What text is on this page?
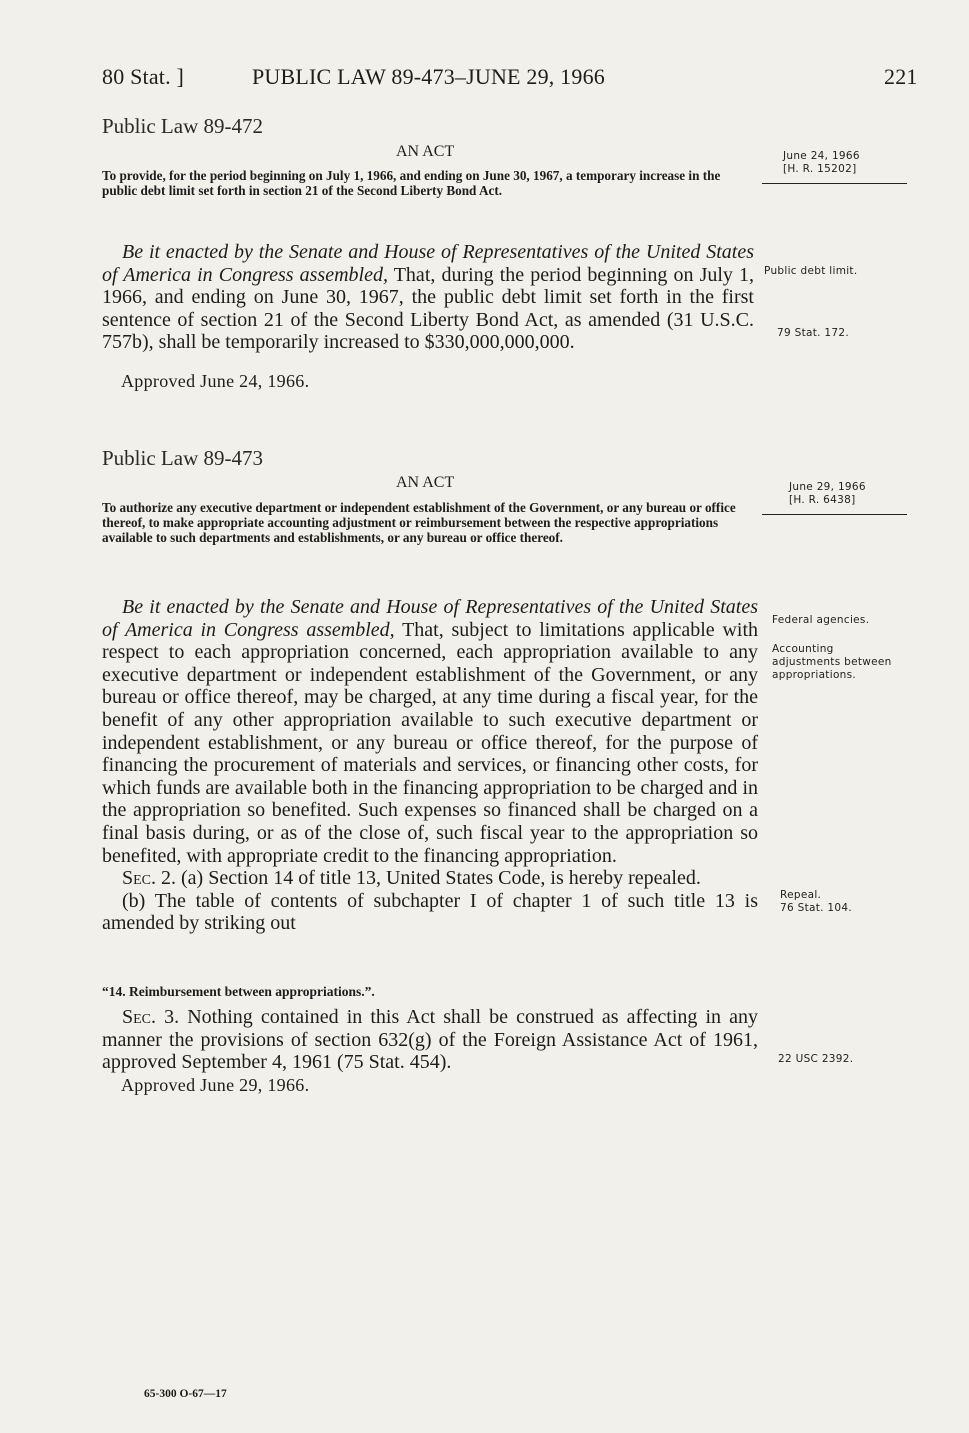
80 Stat. ]	PUBLIC LAW 89-473–JUNE 29, 1966	221
Public Law 89-472
AN ACT
To provide, for the period beginning on July 1, 1966, and ending on June 30, 1967, a temporary increase in the public debt limit set forth in section 21 of the Second Liberty Bond Act.
June 24, 1966
[H. R. 15202]

Be it enacted by the Senate and House of Representatives of the United States of America in Congress assembled, That, during the period beginning on July 1, 1966, and ending on June 30, 1967, the public debt limit set forth in the first sentence of section 21 of the Second Liberty Bond Act, as amended (31 U.S.C. 757b), shall be temporarily increased to $330,000,000,000.

Approved June 24, 1966.
Public debt limit.
79 Stat. 172.
Public Law 89-473
AN ACT
To authorize any executive department or independent establishment of the Government, or any bureau or office thereof, to make appropriate accounting adjustment or reimbursement between the respective appropriations available to such departments and establishments, or any bureau or office thereof.
June 29, 1966
[H. R. 6438]

Be it enacted by the Senate and House of Representatives of the United States of America in Congress assembled, That, subject to limitations applicable with respect to each appropriation concerned, each appropriation available to any executive department or independent establishment of the Government, or any bureau or office thereof, may be charged, at any time during a fiscal year, for the benefit of any other appropriation available to such executive department or independent establishment, or any bureau or office thereof, for the purpose of financing the procurement of materials and services, or financing other costs, for which funds are available both in the financing appropriation to be charged and in the appropriation so benefited. Such expenses so financed shall be charged on a final basis during, or as of the close of, such fiscal year to the appropriation so benefited, with appropriate credit to the financing appropriation.

Sec. 2. (a) Section 14 of title 13, United States Code, is hereby repealed.

(b) The table of contents of subchapter I of chapter 1 of such title 13 is amended by striking out

“14. Reimbursement between appropriations.”.

Sec. 3. Nothing contained in this Act shall be construed as affecting in any manner the provisions of section 632(g) of the Foreign Assistance Act of 1961, approved September 4, 1961 (75 Stat. 454).

Approved June 29, 1966.
Federal agencies.
Accounting adjustments between appropriations.
Repeal.
76 Stat. 104.
22 USC 2392.
65-300 O-67—17
